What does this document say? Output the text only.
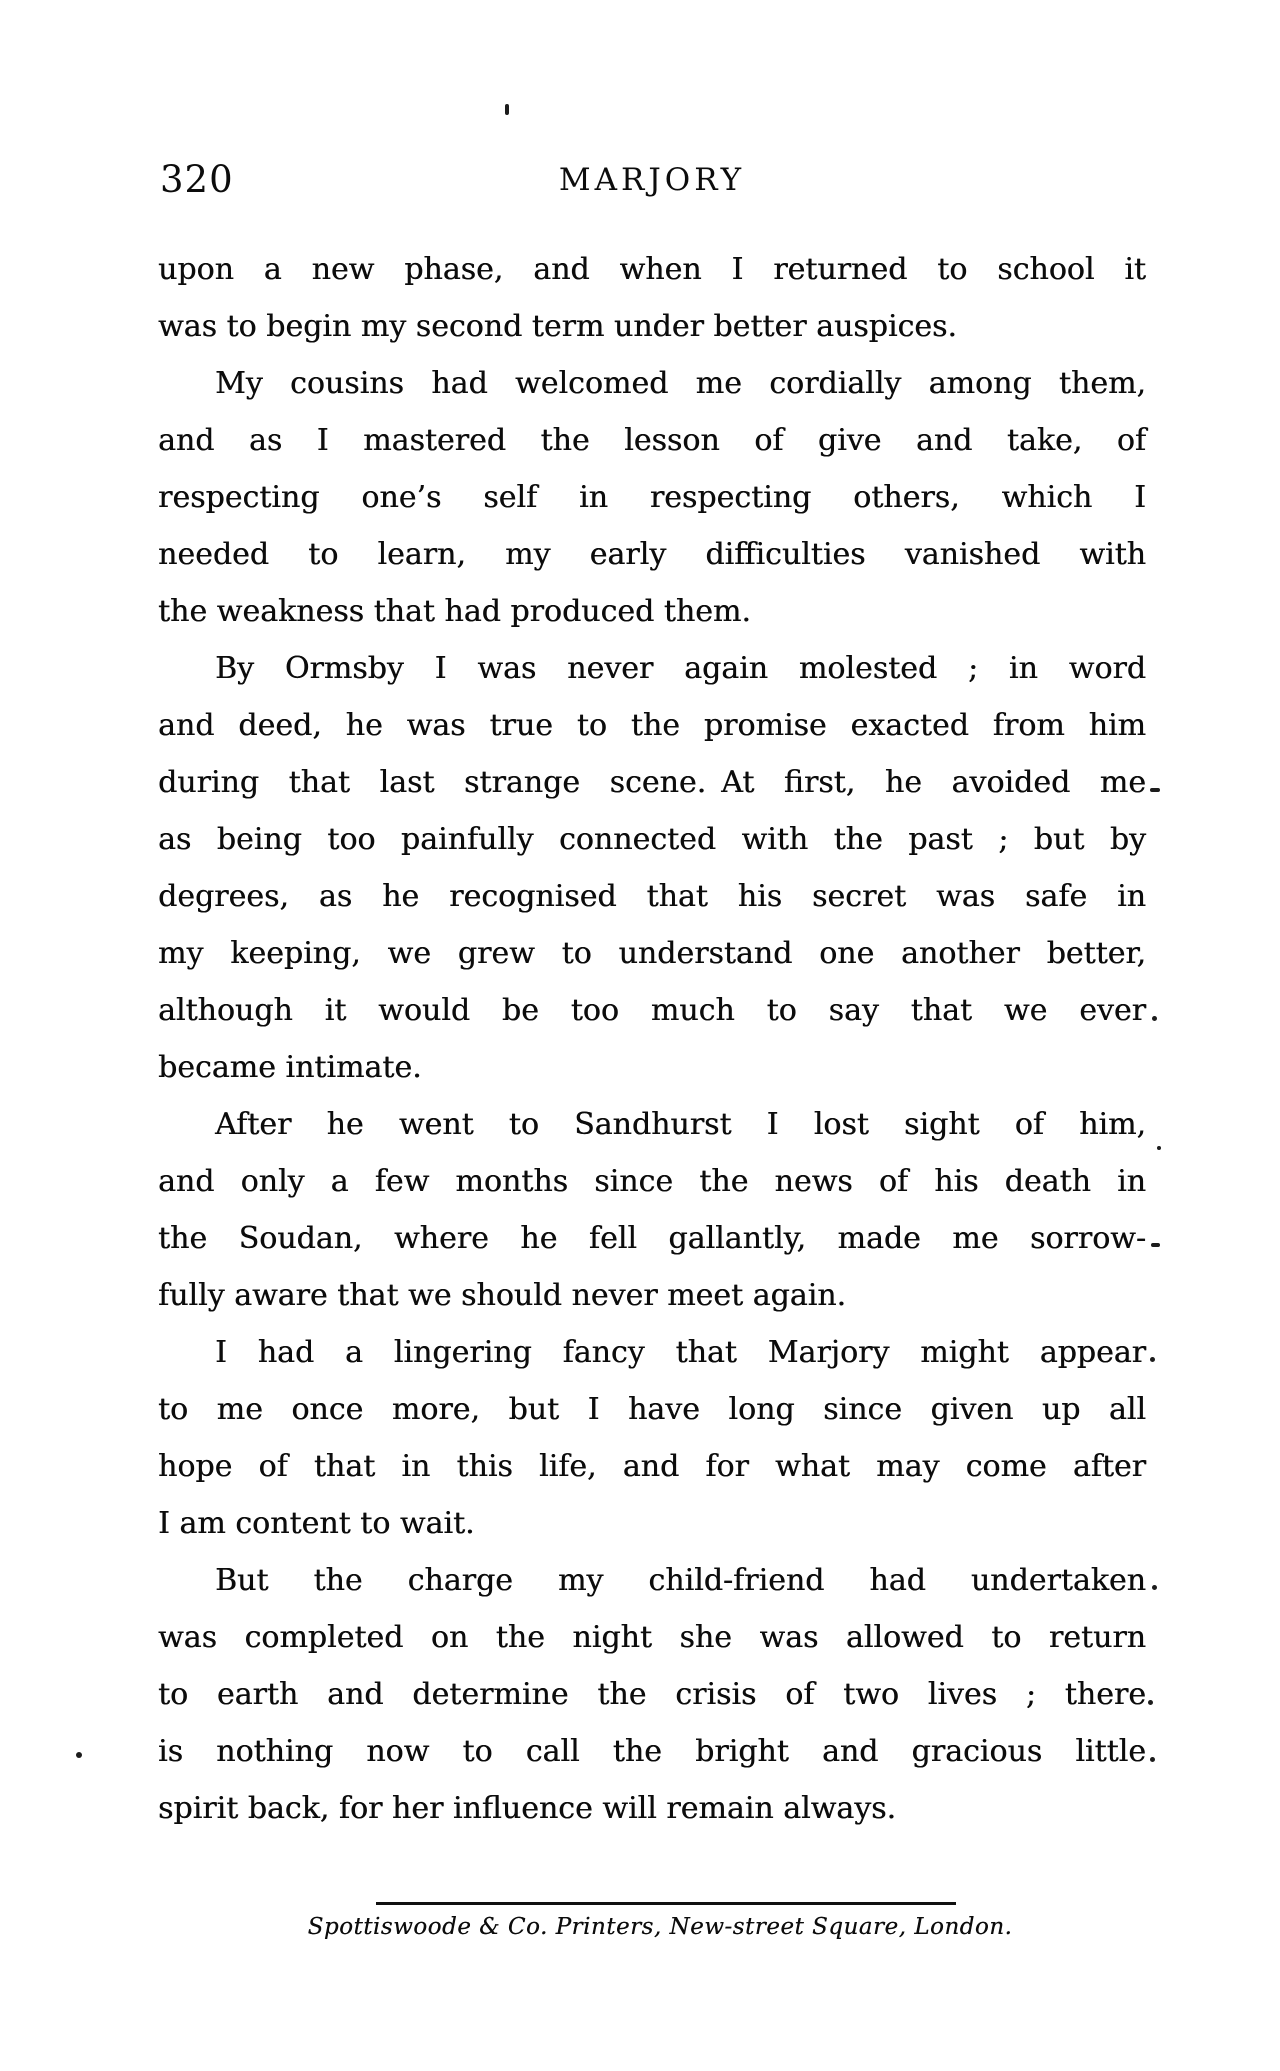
320	MARJORY
upon a new phase, and when I returned to school it
was to begin my second term under better auspices.
My cousins had welcomed me cordially among them,
and as I mastered the lesson of give and take, of
respecting one’s self in respecting others, which I
needed to learn, my early difficulties vanished with
the weakness that had produced them.
By Ormsby I was never again molested ; in word
and deed, he was true to the promise exacted from him
during that last strange scene. At first, he avoided me
as being too painfully connected with the past ; but by
degrees, as he recognised that his secret was safe in
my keeping, we grew to understand one another better,
although it would be too much to say that we ever
became intimate.
After he went to Sandhurst I lost sight of him,
and only a few months since the news of his death in
the Soudan, where he fell gallantly, made me sorrow-
fully aware that we should never meet again.
I had a lingering fancy that Marjory might appear
to me once more, but I have long since given up all
hope of that in this life, and for what may come after
I am content to wait.
But the charge my child-friend had undertaken
was completed on the night she was allowed to return
to earth and determine the crisis of two lives ; there
is nothing now to call the bright and gracious little
spirit back, for her influence will remain always.
Spottiswoode & Co. Printers, New-street Square, London.
